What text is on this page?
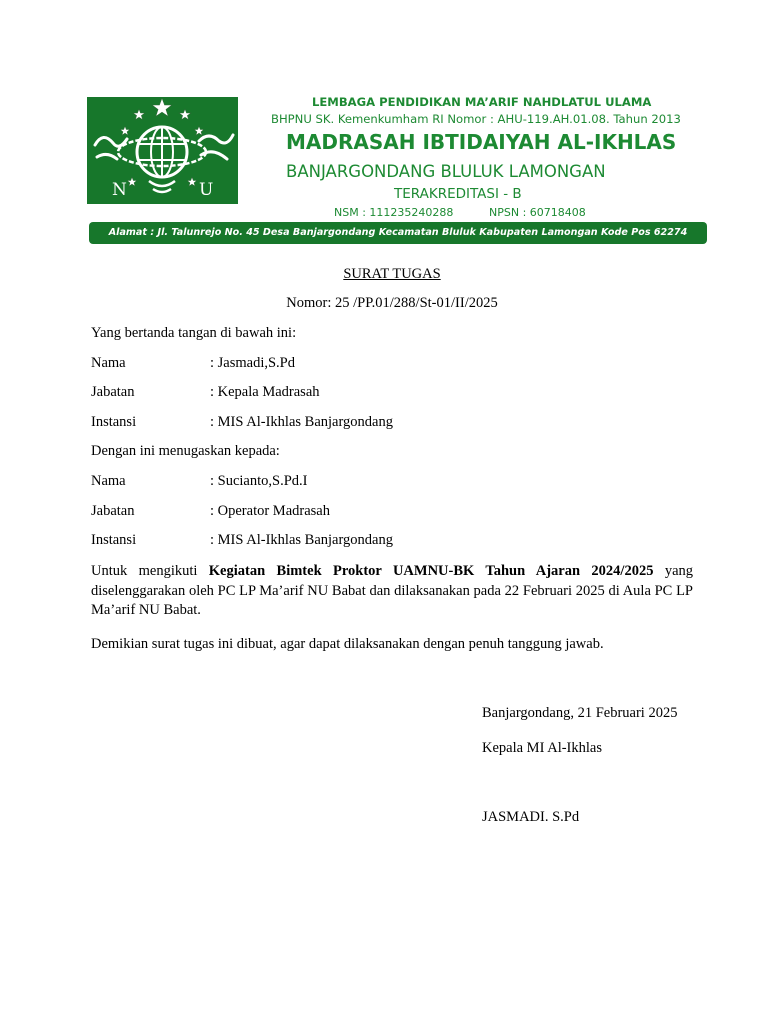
N	U
LEMBAGA PENDIDIKAN MA’ARIF NAHDLATUL ULAMA
BHPNU SK. Kemenkumham RI Nomor : AHU-119.AH.01.08. Tahun 2013
MADRASAH IBTIDAIYAH AL-IKHLAS
BANJARGONDANG BLULUK LAMONGAN
TERAKREDITASI - B
NSM : 111235240288	NPSN : 60718408
Alamat : Jl. Talunrejo No. 45 Desa Banjargondang Kecamatan Bluluk Kabupaten Lamongan Kode Pos 62274
SURAT TUGAS
Nomor: 25 /PP.01/288/St-01/II/2025
Yang bertanda tangan di bawah ini:
Nama	: Jasmadi,S.Pd
Jabatan	: Kepala Madrasah
Instansi	: MIS Al-Ikhlas Banjargondang
Dengan ini menugaskan kepada:
Nama	: Sucianto,S.Pd.I
Jabatan	: Operator Madrasah
Instansi	: MIS Al-Ikhlas Banjargondang
Untuk mengikuti Kegiatan Bimtek Proktor UAMNU-BK Tahun Ajaran 2024/2025 yang diselenggarakan oleh PC LP Ma’arif NU Babat dan dilaksanakan pada 22 Februari 2025 di Aula PC LP Ma’arif NU Babat.
Demikian surat tugas ini dibuat, agar dapat dilaksanakan dengan penuh tanggung jawab.
Banjargondang, 21 Februari 2025
Kepala MI Al-Ikhlas
JASMADI. S.Pd
